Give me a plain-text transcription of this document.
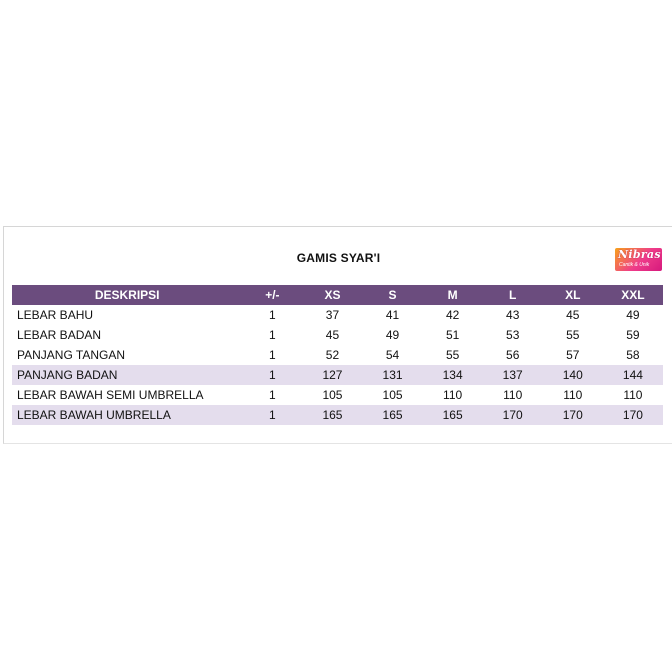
GAMIS SYAR'I	Nibras
Cantik & Unik
DESKRIPSI	+/-	XS	S	M	L	XL	XXL
LEBAR BAHU	1	37	41	42	43	45	49
LEBAR BADAN	1	45	49	51	53	55	59
PANJANG TANGAN	1	52	54	55	56	57	58
PANJANG BADAN	1	127	131	134	137	140	144
LEBAR BAWAH SEMI UMBRELLA	1	105	105	110	110	110	110
LEBAR BAWAH UMBRELLA	1	165	165	165	170	170	170
